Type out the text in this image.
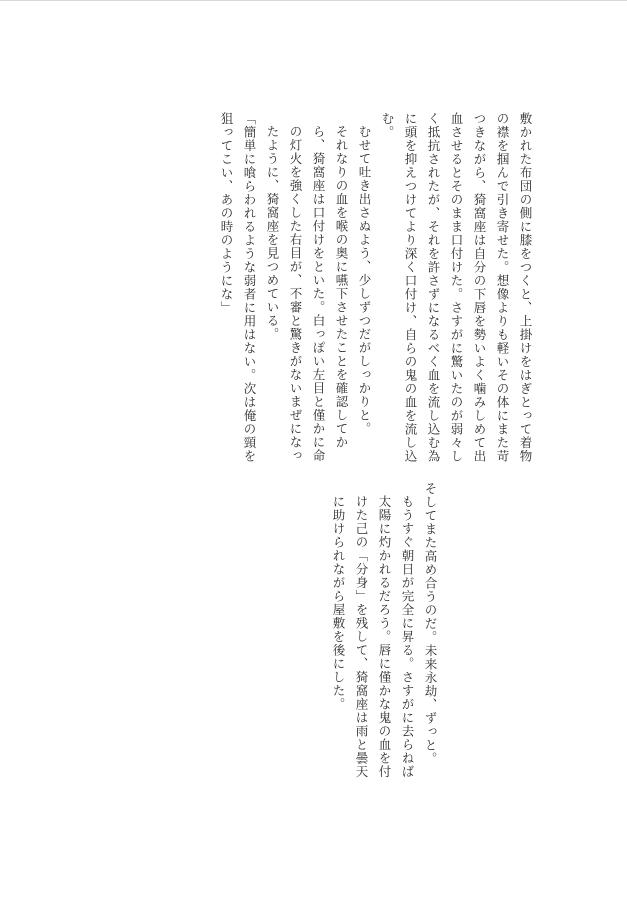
敷かれた布団の側に膝をつくと、上掛けをはぎとって着物の襟を掴んで引き寄せた。想像よりも軽いその体にまた苛つきながら、猗窩座は自分の下唇を勢いよく噛みしめて出血させるとそのまま口付けた。さすがに驚いたのが弱々しく抵抗されたが、それを許さずになるべく血を流し込む為に頭を抑えつけてより深く口付け、自らの鬼の血を流し込む。

むせて吐き出さぬよう、少しずつだがしっかりと。

それなりの血を喉の奥に嚥下させたことを確認してから、猗窩座は口付けをといた。白っぽい左目と僅かに命の灯火を強くした右目が、不審と驚きがないまぜになったように、猗窩座を見つめている。

「簡単に喰らわれるような弱者に用はない。次は俺の頸を狙ってこい、あの時のようにな」

そしてまた高め合うのだ。未来永劫、ずっと。

もうすぐ朝日が完全に昇る。さすがに去らねば太陽に灼かれるだろう。唇に僅かな鬼の血を付けた己の「分身」を残して、猗窩座は雨と曇天に助けられながら屋敷を後にした。
